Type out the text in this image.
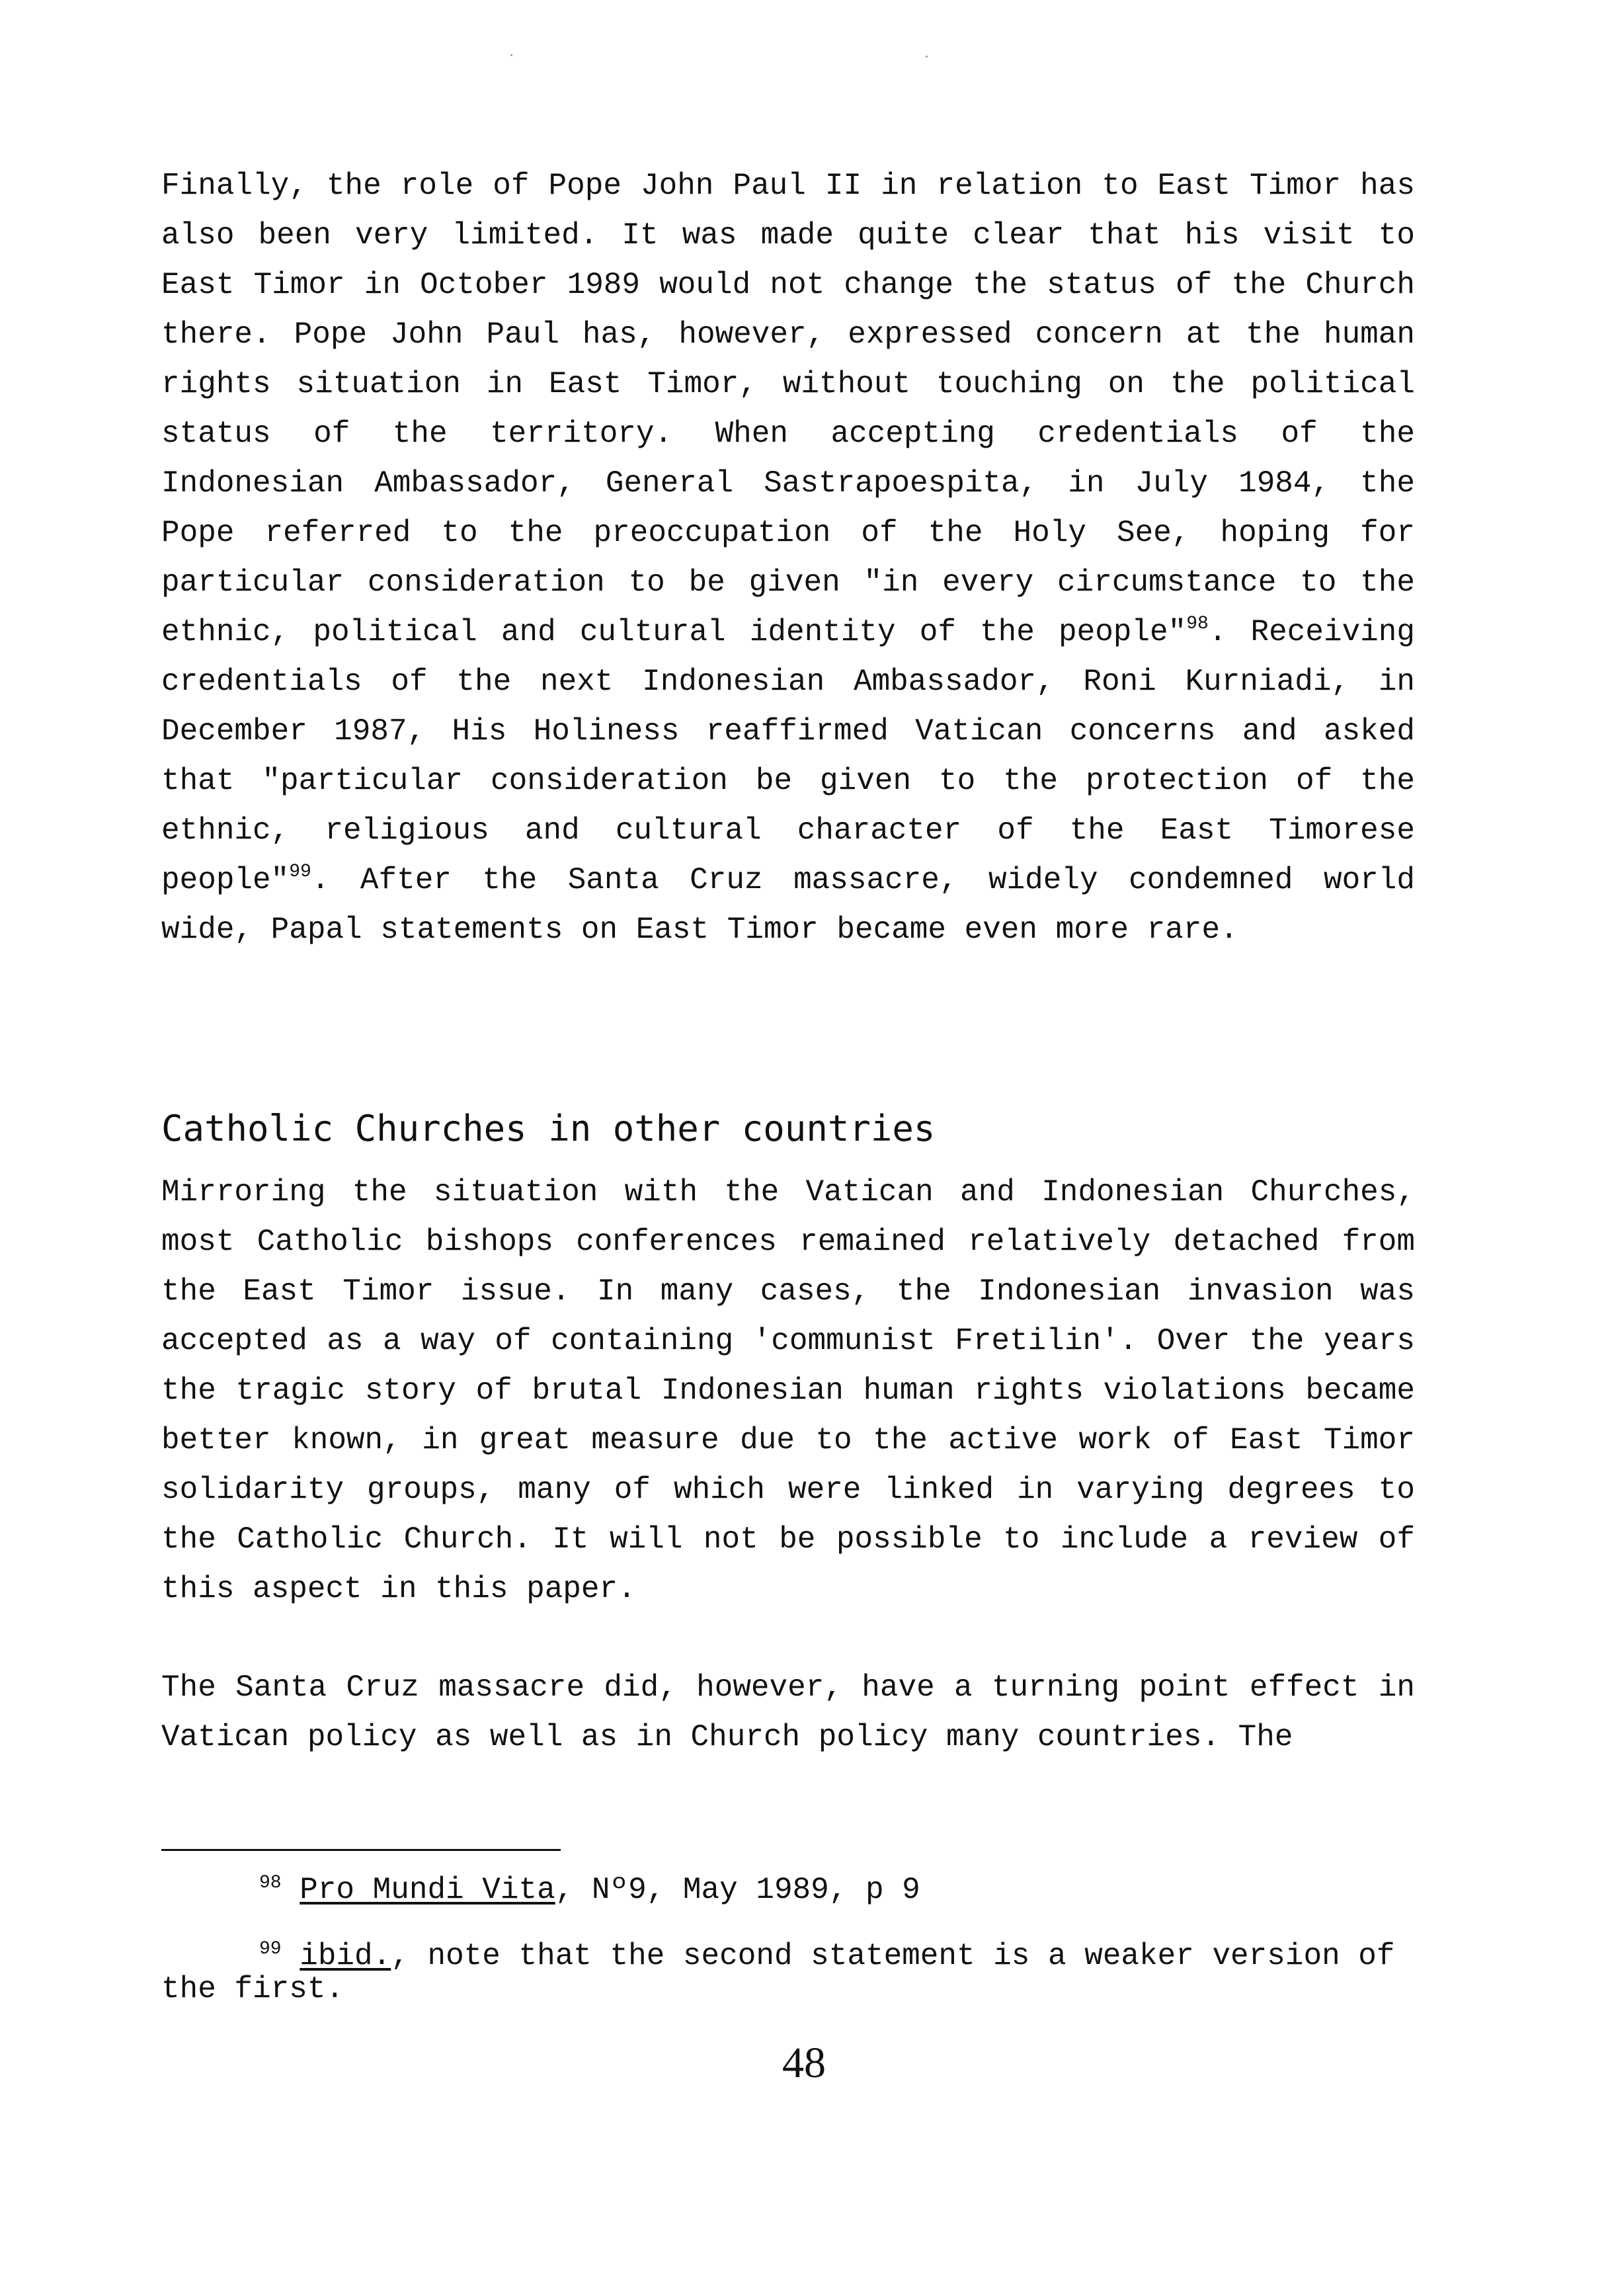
Finally, the role of Pope John Paul II in relation to East Timor has also been very limited. It was made quite clear that his visit to East Timor in October 1989 would not change the status of the Church there. Pope John Paul has, however, expressed concern at the human rights situation in East Timor, without touching on the political status of the territory. When accepting credentials of the Indonesian Ambassador, General Sastrapoespita, in July 1984, the Pope referred to the preoccupation of the Holy See, hoping for particular consideration to be given "in every circumstance to the ethnic, political and cultural identity of the people"$^{98}$. Receiving credentials of the next Indonesian Ambassador, Roni Kurniadi, in December 1987, His Holiness reaffirmed Vatican concerns and asked that "particular consideration be given to the protection of the ethnic, religious and cultural character of the East Timorese people"$^{99}$. After the Santa Cruz massacre, widely condemned world wide, Papal statements on East Timor became even more rare.

Catholic Churches in other countries

Mirroring the situation with the Vatican and Indonesian Churches, most Catholic bishops conferences remained relatively detached from the East Timor issue. In many cases, the Indonesian invasion was accepted as a way of containing 'communist Fretilin'. Over the years the tragic story of brutal Indonesian human rights violations became better known, in great measure due to the active work of East Timor solidarity groups, many of which were linked in varying degrees to the Catholic Church. It will not be possible to include a review of this aspect in this paper.

The Santa Cruz massacre did, however, have a turning point effect in Vatican policy as well as in Church policy many countries. The

$^{98}$ Pro Mundi Vita, Nº9, May 1989, p 9

$^{99}$ ibid., note that the second statement is a weaker version of the first.

48
